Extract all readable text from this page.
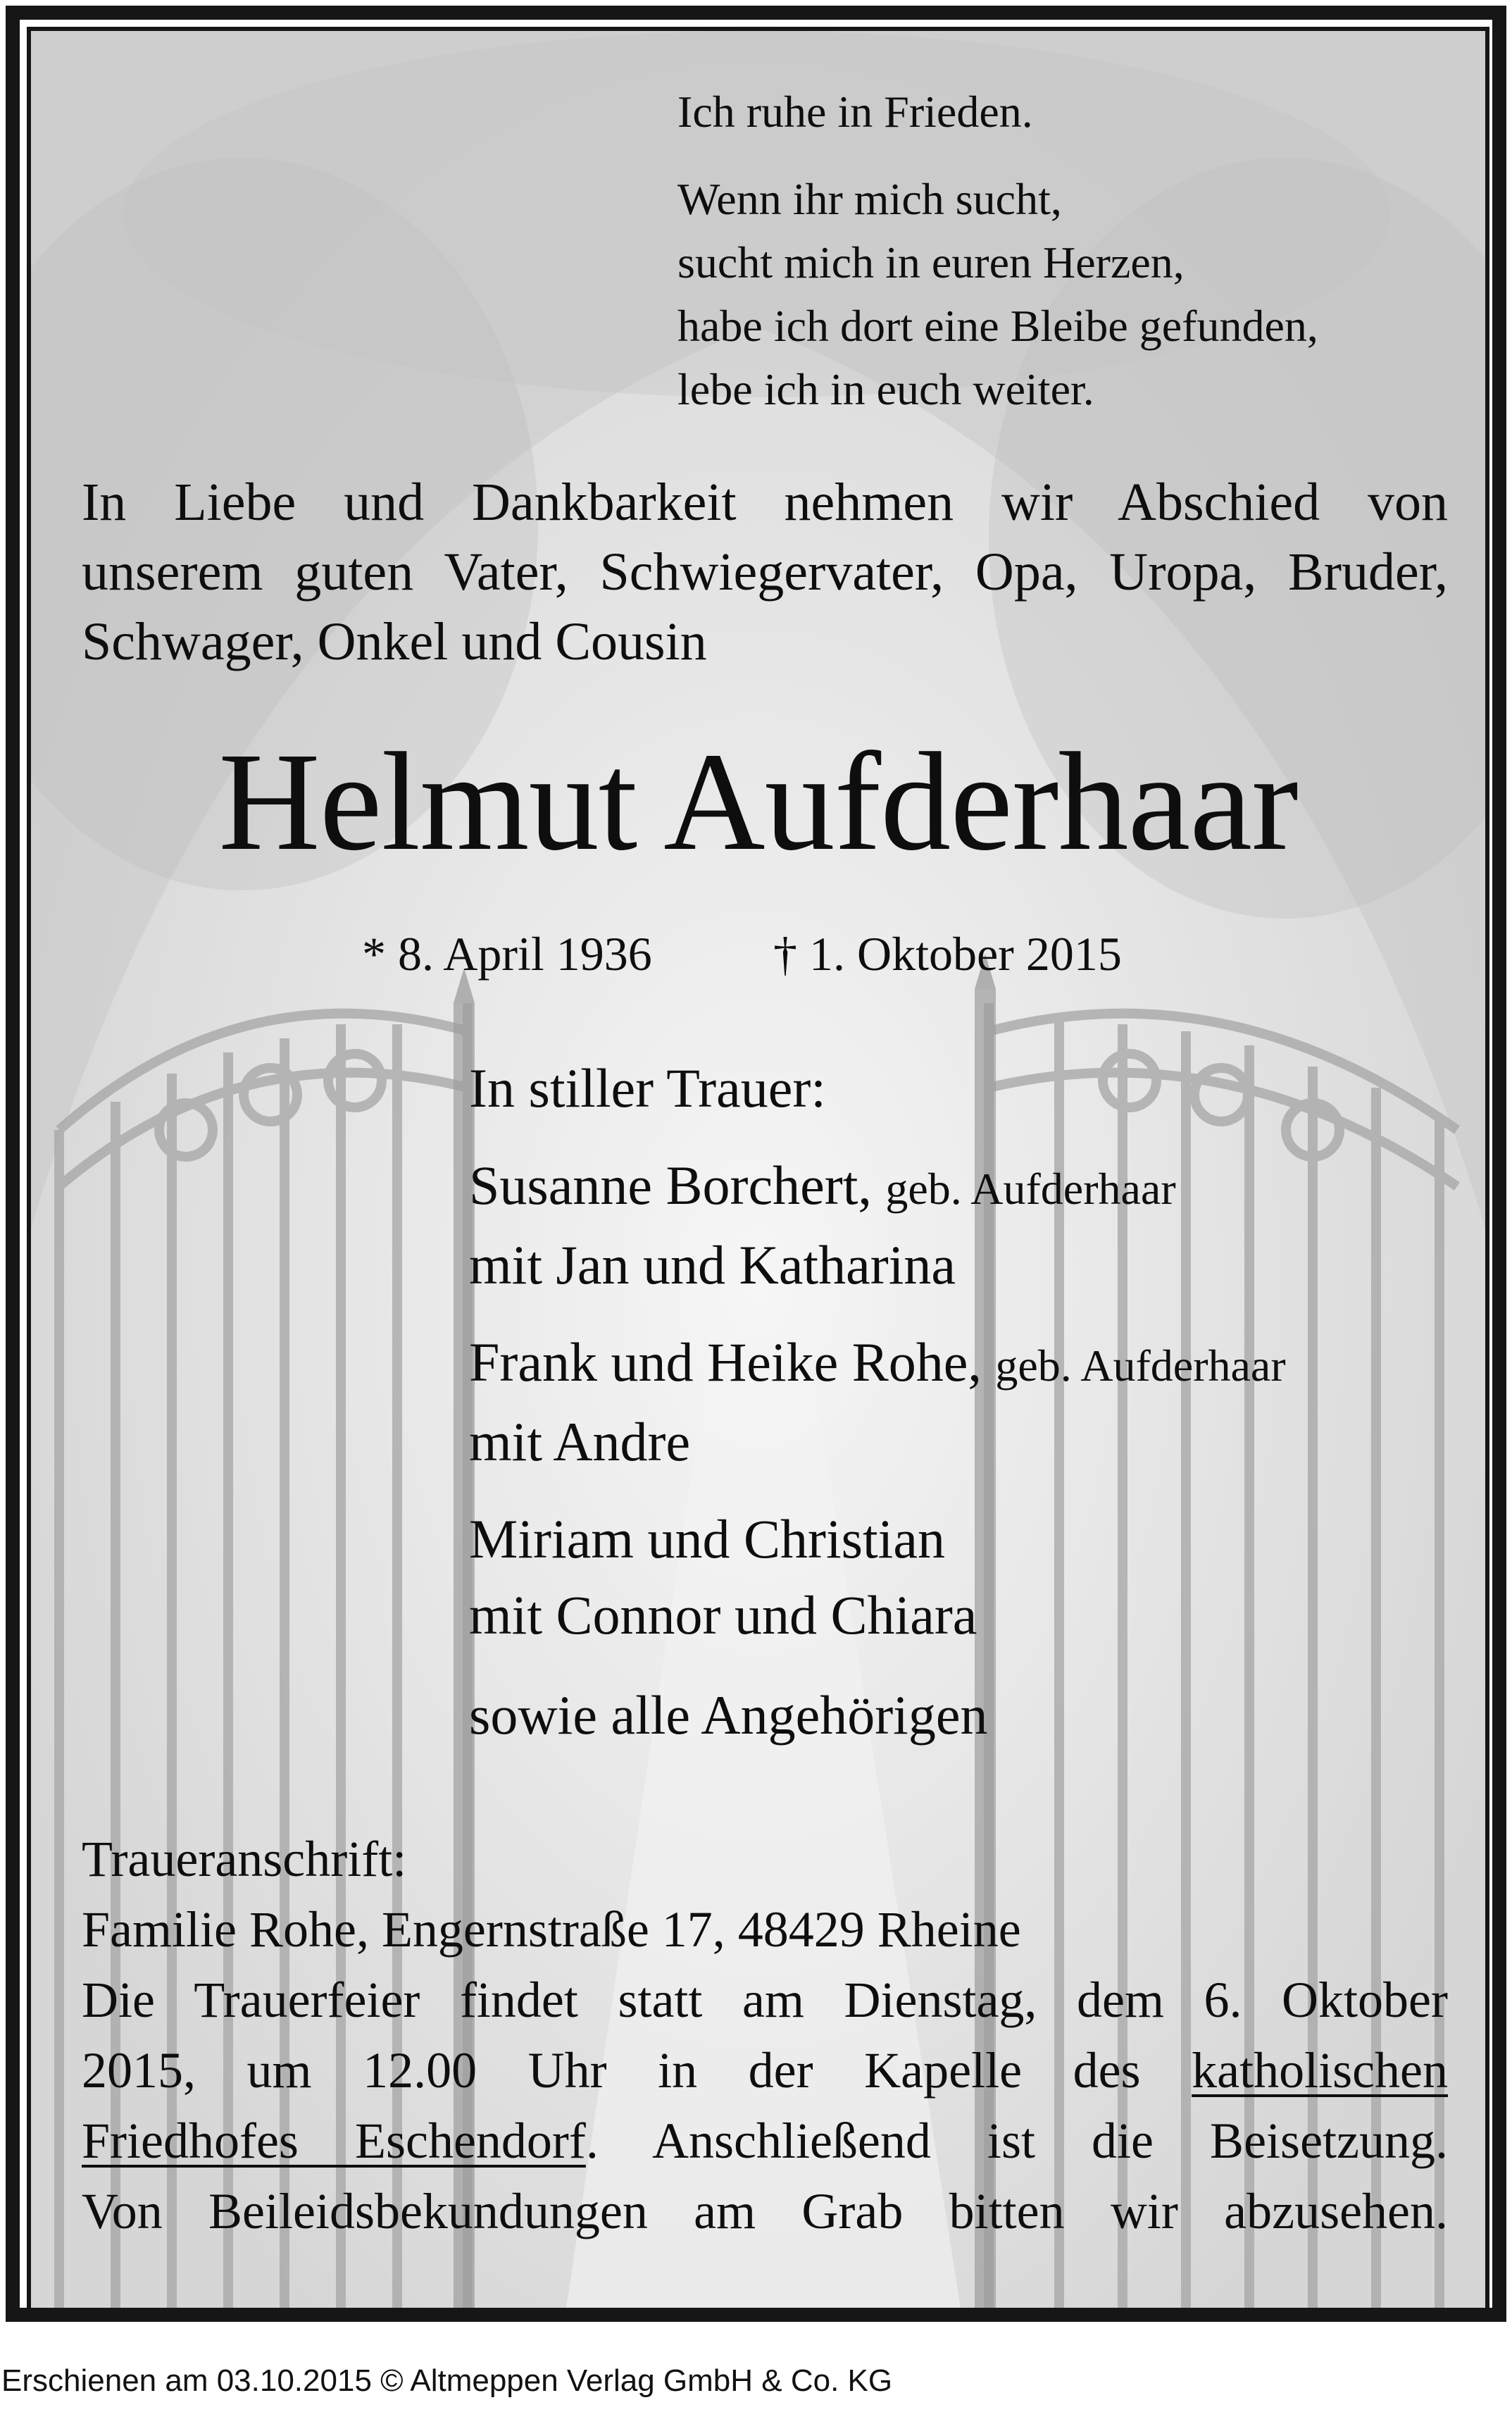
Ich ruhe in Frieden.

Wenn ihr mich sucht,

sucht mich in euren Herzen,

habe ich dort eine Bleibe gefunden,

lebe ich in euch weiter.

In Liebe und Dankbarkeit nehmen wir Abschied von
unserem guten Vater, Schwiegervater, Opa, Uropa, Bruder,
Schwager, Onkel und Cousin
Helmut Aufderhaar
* 8. April 1936	† 1. Oktober 2015
In stiller Trauer:
Susanne Borchert, geb. Aufderhaar
mit Jan und Katharina
Frank und Heike Rohe, geb. Aufderhaar
mit Andre
Miriam und Christian
mit Connor und Chiara
sowie alle Angehörigen
Traueranschrift:
Familie Rohe, Engernstraße 17, 48429 Rheine
Die Trauerfeier findet statt am Dienstag, dem 6. Oktober
2015, um 12.00 Uhr in der Kapelle des katholischen
Friedhofes Eschendorf. Anschließend ist die Beisetzung.
Von Beileidsbekundungen am Grab bitten wir abzusehen.
Erschienen am 03.10.2015 © Altmeppen Verlag GmbH & Co. KG
